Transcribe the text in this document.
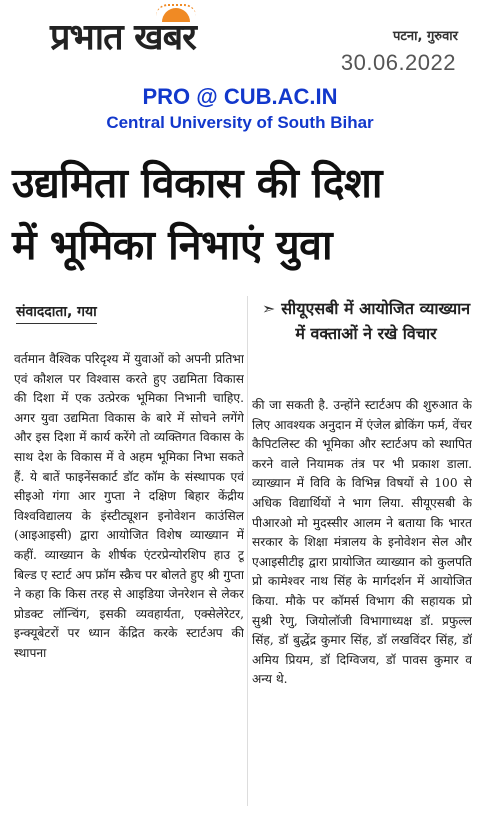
प्रभात खबर	पटना, गुरुवार
30.06.2022
PRO @ CUB.AC.IN
Central University of South Bihar
उद्यमिता विकास की दिशा
में भूमिका निभाएं युवा
संवाददाता, गया	➣ सीयूएसबी में आयोजित व्याख्यान में वक्ताओं ने रखे विचार

वर्तमान वैश्विक परिदृश्य में युवाओं को अपनी प्रतिभा एवं कौशल पर विश्वास करते हुए उद्यमिता विकास की दिशा में एक उत्प्रेरक भूमिका निभानी चाहिए. अगर युवा उद्यमिता विकास के बारे में सोचने लगेंगे और इस दिशा में कार्य करेंगे तो व्यक्तिगत विकास के साथ देश के विकास में वे अहम भूमिका निभा सकते हैं. ये बातें फाइनेंसकार्ट डॉट कॉम के संस्थापक एवं सीइओ गंगा आर गुप्ता ने दक्षिण बिहार केंद्रीय विश्वविद्यालय के इंस्टीट्यूशन इनोवेशन काउंसिल (आइआइसी) द्वारा आयोजित विशेष व्याख्यान में कहीं. व्याख्यान के शीर्षक एंटरप्रेन्योरशिप हाउ टू बिल्ड ए स्टार्ट अप फ्रॉम स्क्रैच पर बोलते हुए श्री गुप्ता ने कहा कि किस तरह से आइडिया जेनरेशन से लेकर प्रोडक्ट लॉन्चिंग, इसकी व्यवहार्यता, एक्सेलेरेटर, इन्क्यूबेटरों पर ध्यान केंद्रित करके स्टार्टअप की स्थापना

की जा सकती है. उन्होंने स्टार्टअप की शुरुआत के लिए आवश्यक अनुदान में एंजेल ब्रोकिंग फर्म, वेंचर कैपिटलिस्ट की भूमिका और स्टार्टअप को स्थापित करने वाले नियामक तंत्र पर भी प्रकाश डाला. व्याख्यान में विवि के विभिन्न विषयों से 100 से अधिक विद्यार्थियों ने भाग लिया. सीयूएसबी के पीआरओ मो मुदस्सीर आलम ने बताया कि भारत सरकार के शिक्षा मंत्रालय के इनोवेशन सेल और एआइसीटीइ द्वारा प्रायोजित व्याख्यान को कुलपति प्रो कामेश्वर नाथ सिंह के मार्गदर्शन में आयोजित किया. मौके पर कॉमर्स विभाग की सहायक प्रो सुश्री रेणु, जियोलॉजी विभागाध्यक्ष डॉ. प्रफुल्ल सिंह, डॉ बुद्धेंद्र कुमार सिंह, डॉ लखविंदर सिंह, डॉ अमिय प्रियम, डॉ दिग्विजय, डॉ पावस कुमार व अन्य थे.
